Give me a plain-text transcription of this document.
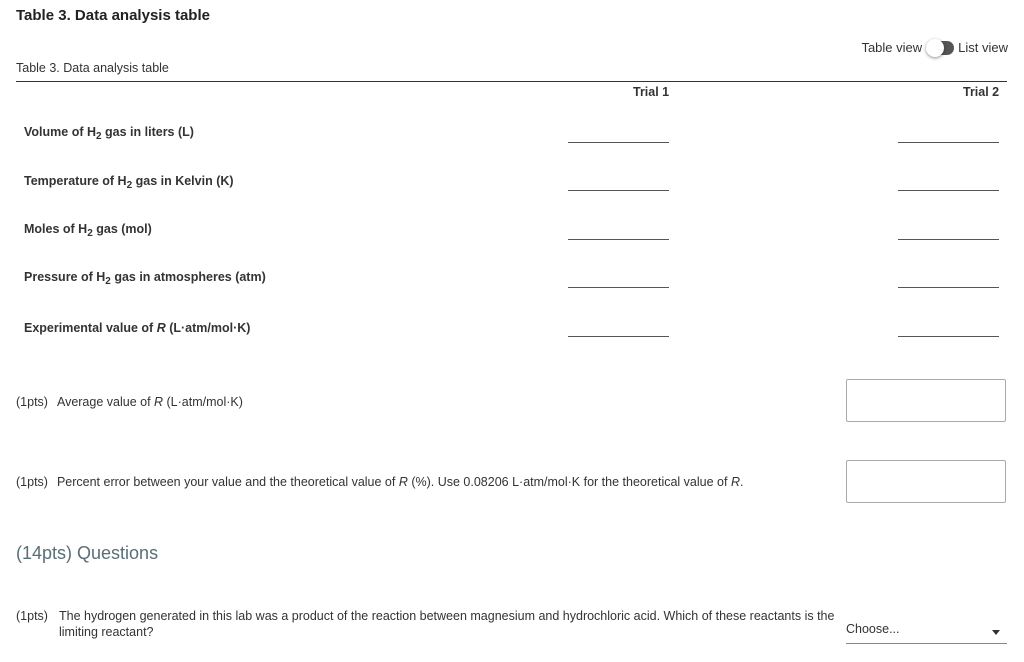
Table 3. Data analysis table
Table view	List view
Table 3. Data analysis table
Trial 1	Trial 2
Volume of $H_2$ gas in liters (L)
Temperature of $H_2$ gas in Kelvin (K)
Moles of $H_2$ gas (mol)
Pressure of $H_2$ gas in atmospheres (atm)
Experimental value of R (L·atm/mol·K)
(1pts) Average value of R (L·atm/mol·K)
(1pts) Percent error between your value and the theoretical value of R (%). Use 0.08206 L·atm/mol·K for the theoretical value of R.
(14pts) Questions
(1pts) The hydrogen generated in this lab was a product of the reaction between magnesium and hydrochloric acid. Which of these reactants is the limiting reactant?	Choose...
